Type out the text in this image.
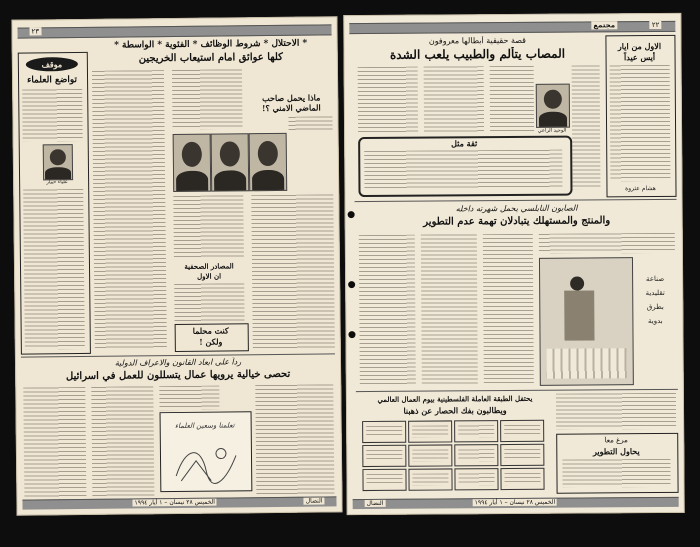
٢٣
* الاحتلال * شروط الوظائف * الفئوية * الواسطة *
كلها عوائق امام استيعاب الخريجين
موقف
تواضع العلماء
علياء حمار
المصادر الصحفية
ان الاول
كنت محلما
ولكن !
ماذا يحمل صاحب
الماضي الامني ؟!
رداً على ابعاد القانون والاعراف الدولية
تحصى خيالية يرويها عمال يتسللون للعمل في اسرائيل
تعلمنا وسعين العلماء
النضال
الخميس ٢٨ نيسان – ١ أيار ١٩٩٤
٢٢
مجتمع
قصة حقيقية أبطالها معروفون
المصاب يتألم والطبيب يلعب الشدة
الوحيد الراعي
ثقة مثل
الاول من ايار
أيس عيداً
هشام عثروة
الصابون النابلسي يحمل شهرته داخله
والمنتج والمستهلك يتبادلان تهمة عدم التطوير
صناعة
تقليدية
بطرق
بدوية
يحتفل الطبقة العاملة الفلسطينية بيوم العمال العالمي
ويطالبون بفك الحصار عن ذهبنا
مرغ معاً
يحاول التطوير
النضال	الخميس ٢٨ نيسان – ١ أيار ١٩٩٤
